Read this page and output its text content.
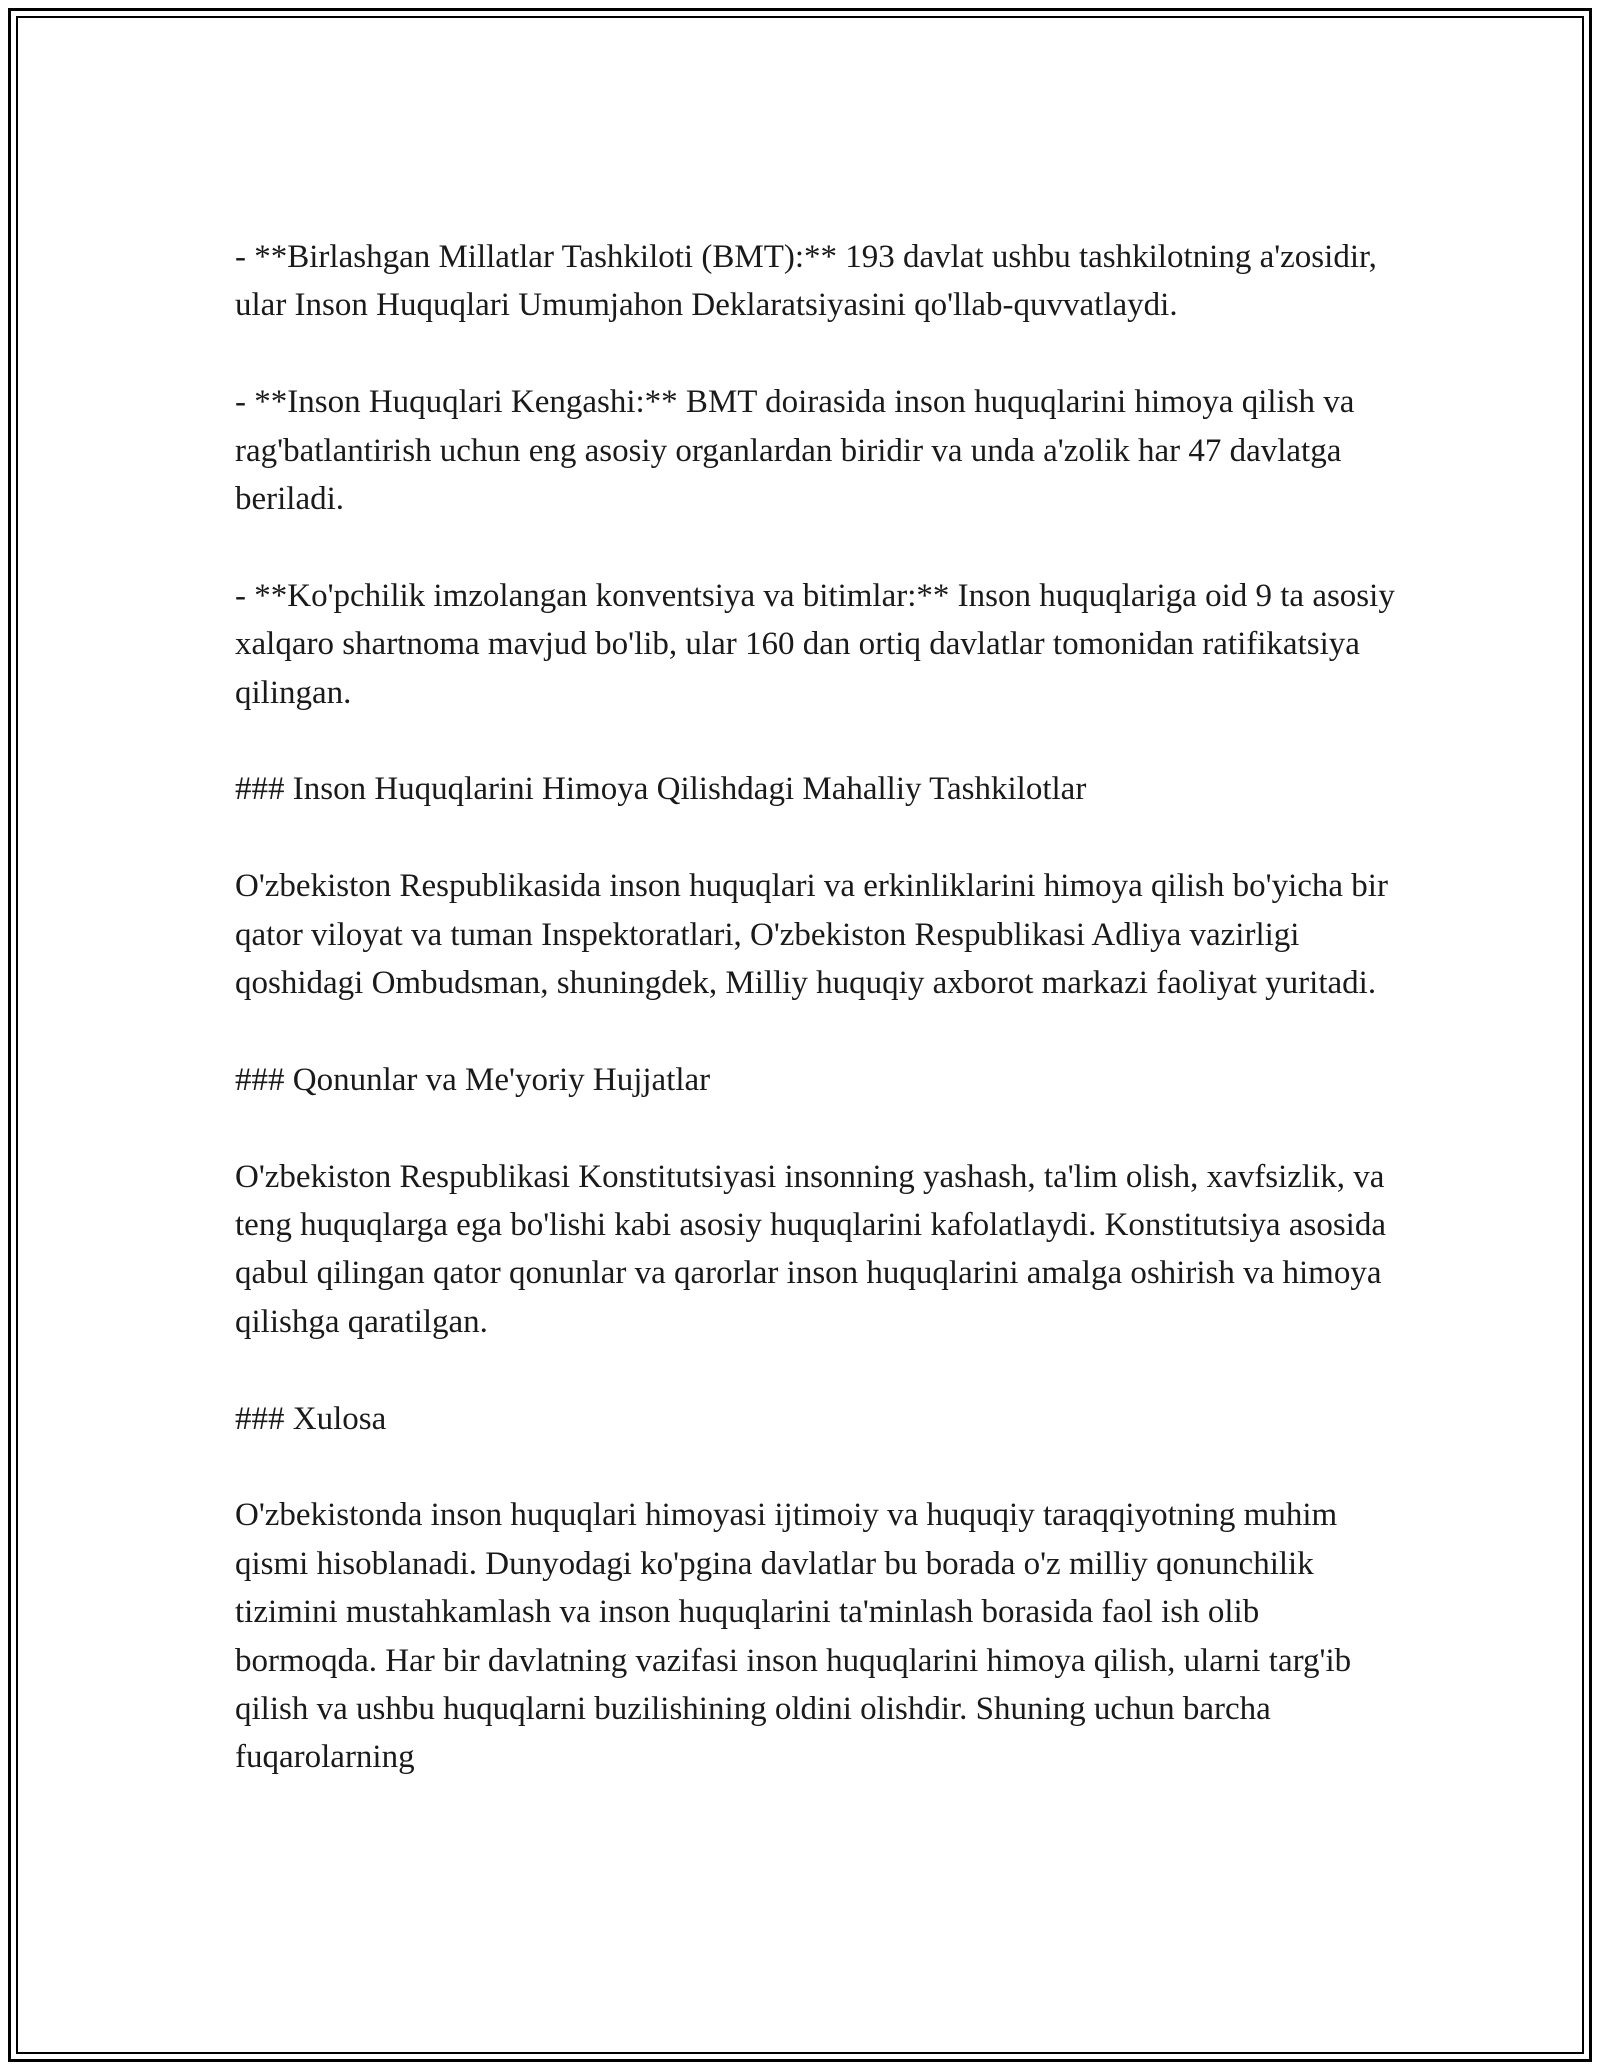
- **Birlashgan Millatlar Tashkiloti (BMT):** 193 davlat ushbu tashkilotning a'zosidir, ular Inson Huquqlari Umumjahon Deklaratsiyasini qo'llab-quvvatlaydi.

- **Inson Huquqlari Kengashi:** BMT doirasida inson huquqlarini himoya qilish va rag'batlantirish uchun eng asosiy organlardan biridir va unda a'zolik har 47 davlatga beriladi.

- **Ko'pchilik imzolangan konventsiya va bitimlar:** Inson huquqlariga oid 9 ta asosiy xalqaro shartnoma mavjud bo'lib, ular 160 dan ortiq davlatlar tomonidan ratifikatsiya qilingan.

### Inson Huquqlarini Himoya Qilishdagi Mahalliy Tashkilotlar

O'zbekiston Respublikasida inson huquqlari va erkinliklarini himoya qilish bo'yicha bir qator viloyat va tuman Inspektoratlari, O'zbekiston Respublikasi Adliya vazirligi qoshidagi Ombudsman, shuningdek, Milliy huquqiy axborot markazi faoliyat yuritadi.

### Qonunlar va Me'yoriy Hujjatlar

O'zbekiston Respublikasi Konstitutsiyasi insonning yashash, ta'lim olish, xavfsizlik, va teng huquqlarga ega bo'lishi kabi asosiy huquqlarini kafolatlaydi. Konstitutsiya asosida qabul qilingan qator qonunlar va qarorlar inson huquqlarini amalga oshirish va himoya qilishga qaratilgan.

### Xulosa

O'zbekistonda inson huquqlari himoyasi ijtimoiy va huquqiy taraqqiyotning muhim qismi hisoblanadi. Dunyodagi ko'pgina davlatlar bu borada o'z milliy qonunchilik tizimini mustahkamlash va inson huquqlarini ta'minlash borasida faol ish olib bormoqda. Har bir davlatning vazifasi inson huquqlarini himoya qilish, ularni targ'ib qilish va ushbu huquqlarni buzilishining oldini olishdir. Shuning uchun barcha fuqarolarning
